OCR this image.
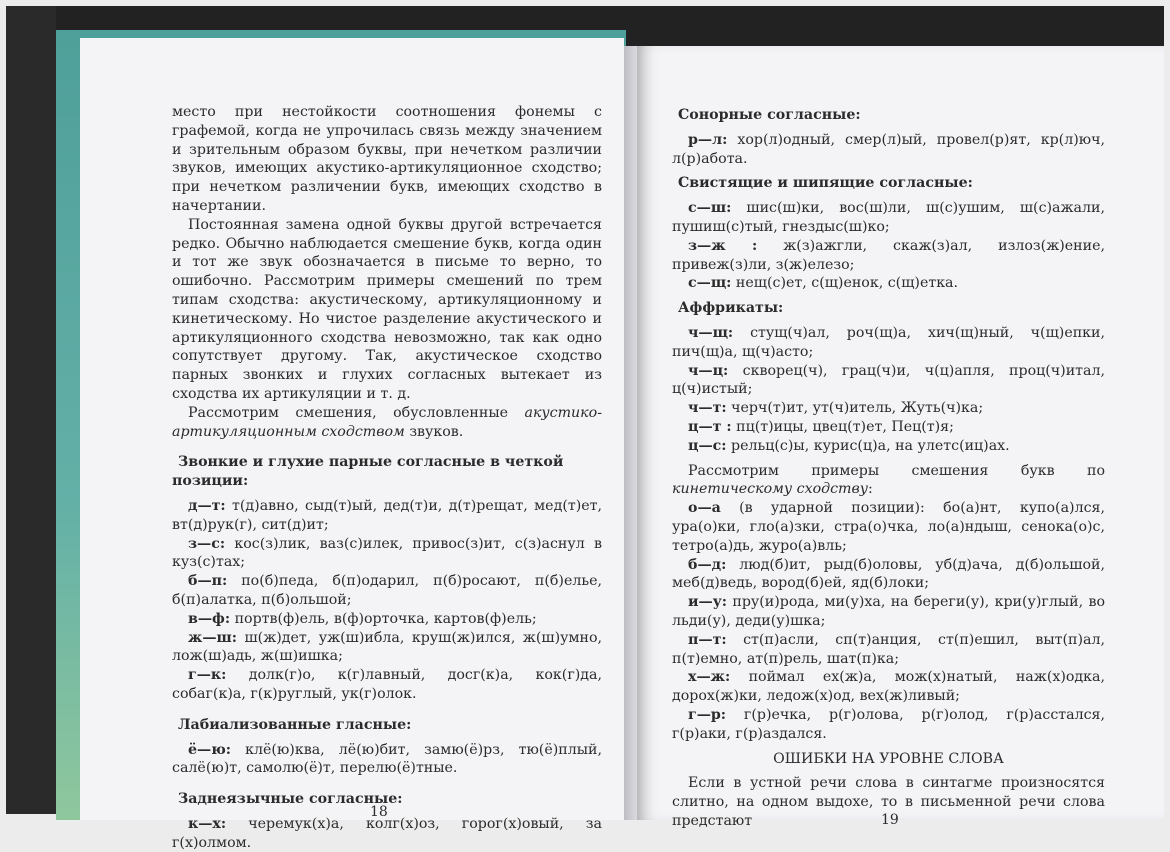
место при нестойкости соотношения фонемы с графемой, когда не упрочилась связь между значением и зрительным образом буквы, при нечетком различии звуков, имеющих акустико-артикуляционное сходство; при нечетком различении букв, имеющих сходство в начертании.

Постоянная замена одной буквы другой встречается редко. Обычно наблюдается смешение букв, когда один и тот же звук обозначается в письме то верно, то ошибочно. Рассмотрим примеры смешений по трем типам сходства: акустическому, артикуляционному и кинетическому. Но чистое разделение акустического и артикуляционного сходства невозможно, так как одно сопутствует другому. Так, акустическое сходство парных звонких и глухих согласных вытекает из сходства их артикуляции и т. д.

Рассмотрим смешения, обусловленные акустико-артикуляционным сходством звуков.

Звонкие и глухие парные согласные в четкой позиции:

д—т: т(д)авно, сыд(т)ый, дед(т)и, д(т)рещат, мед(т)ет, вт(д)рук(г), сит(д)ит;

з—с: кос(з)лик, ваз(с)илек, привос(з)ит, с(з)аснул в куз(с)тах;

б—п: по(б)педа, б(п)одарил, п(б)росают, п(б)елье, б(п)алатка, п(б)ольшой;

в—ф: портв(ф)ель, в(ф)орточка, картов(ф)ель;

ж—ш: ш(ж)дет, уж(ш)ибла, круш(ж)ился, ж(ш)умно, лож(ш)адь, ж(ш)ишка;

г—к: долк(г)о, к(г)лавный, досг(к)а, кок(г)да, собаг(к)а, г(к)руглый, ук(г)олок.

Лабиализованные гласные:

ё—ю: клё(ю)ква, лё(ю)бит, замю(ё)рз, тю(ё)плый, салё(ю)т, самолю(ё)т, перелю(ё)тные.

Заднеязычные согласные:

к—х: черемук(х)а, колг(х)оз, горог(х)овый, за г(х)олмом.

18
Сонорные согласные:

р—л: хор(л)одный, смер(л)ый, провел(р)ят, кр(л)юч, л(р)абота.

Свистящие и шипящие согласные:

с—ш: шис(ш)ки, вос(ш)ли, ш(с)ушим, ш(с)ажали, пушиш(с)тый, гнездыс(ш)ко;

з—ж : ж(з)ажгли, скаж(з)ал, излоз(ж)ение, привеж(з)ли, з(ж)елезо;

с—щ: нещ(с)ет, с(щ)енок, с(щ)етка.

Аффрикаты:

ч—щ: стущ(ч)ал, роч(щ)а, хич(щ)ный, ч(щ)епки, пич(щ)а, щ(ч)асто;

ч—ц: скворец(ч), грац(ч)и, ч(ц)апля, проц(ч)итал, ц(ч)истый;

ч—т: черч(т)ит, ут(ч)итель, Жуть(ч)ка;

ц—т : пц(т)ицы, цвец(т)ет, Пец(т)я;

ц—с: рельц(с)ы, курис(ц)а, на улетс(иц)ах.

Рассмотрим примеры смешения букв по кинетическому сходству:

о—а (в ударной позиции): бо(а)нт, купо(а)лся, ура(о)ки, гло(а)зки, стра(о)чка, ло(а)ндыш, сенока(о)с, тетро(а)дь, журо(а)вль;

б—д: люд(б)ит, рыд(б)оловы, уб(д)ача, д(б)ольшой, меб(д)ведь, вород(б)ей, яд(б)локи;

и—у: пру(и)рода, ми(у)ха, на береги(у), кри(у)глый, во льди(у), деди(у)шка;

п—т: ст(п)асли, сп(т)анция, ст(п)ешил, выт(п)ал, п(т)емно, ат(п)рель, шат(п)ка;

х—ж: поймал ех(ж)а, мож(х)натый, наж(х)одка, дорох(ж)ки, ледож(х)од, вех(ж)ливый;

г—р: г(р)ечка, р(г)олова, р(г)олод, г(р)асстался, г(р)аки, г(р)аздался.

ОШИБКИ НА УРОВНЕ СЛОВА

Если в устной речи слова в синтагме произносятся слитно, на одном выдохе, то в письменной речи слова предстают	19
